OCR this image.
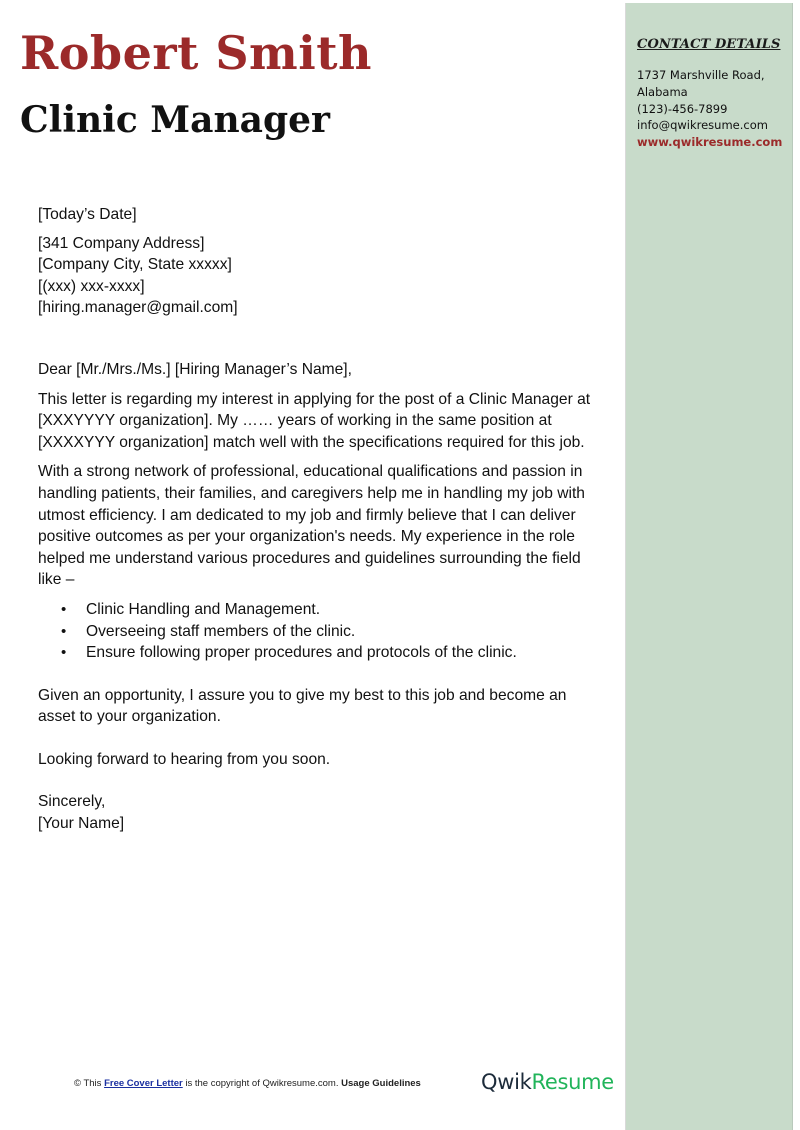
Robert Smith
Clinic Manager
CONTACT DETAILS
1737 Marshville Road,
Alabama
(123)-456-7899
info@qwikresume.com
www.qwikresume.com

[Today’s Date]

[341 Company Address]

[Company City, State xxxxx]

[(xxx) xxx-xxxx]

[hiring.manager@gmail.com]

Dear [Mr./Mrs./Ms.] [Hiring Manager’s Name],

This letter is regarding my interest in applying for the post of a Clinic Manager at [XXXYYYY organization]. My …… years of working in the same position at [XXXXYYY organization] match well with the specifications required for this job.

With a strong network of professional, educational qualifications and passion in handling patients, their families, and caregivers help me in handling my job with utmost efficiency. I am dedicated to my job and firmly believe that I can deliver positive outcomes as per your organization's needs. My experience in the role helped me understand various procedures and guidelines surrounding the field like –

• Clinic Handling and Management.
• Overseeing staff members of the clinic.
• Ensure following proper procedures and protocols of the clinic.

Given an opportunity, I assure you to give my best to this job and become an asset to your organization.

Looking forward to hearing from you soon.

Sincerely,

[Your Name]

© This Free Cover Letter is the copyright of Qwikresume.com. Usage Guidelines	QwikResume
